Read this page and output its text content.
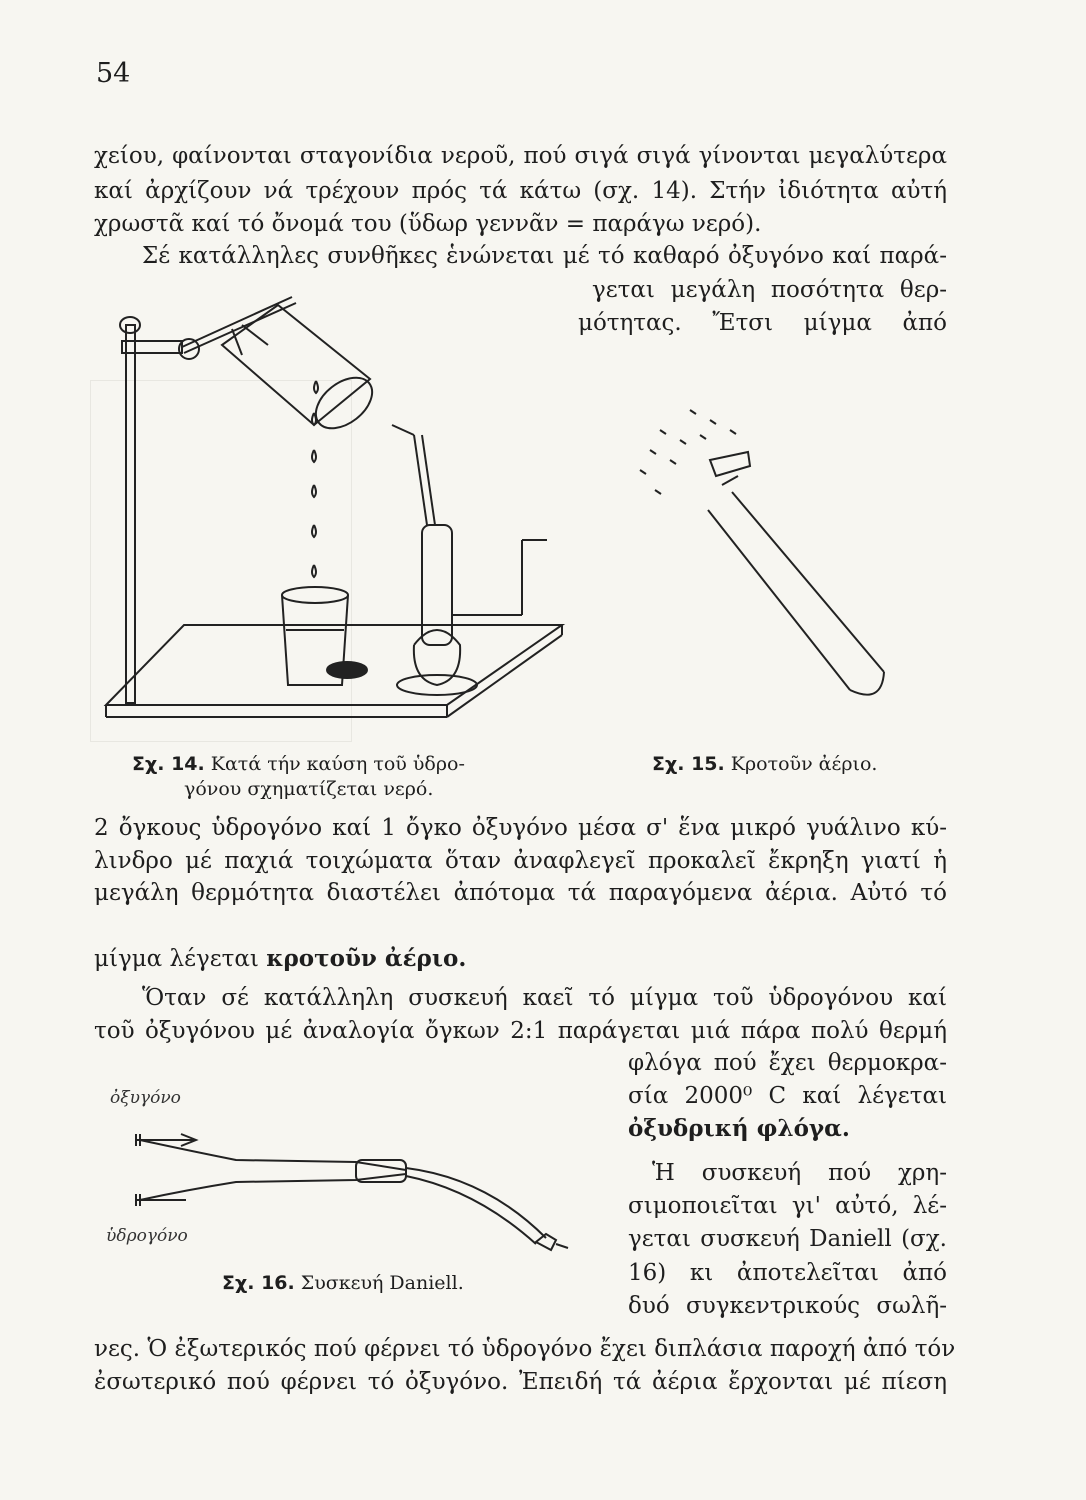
54
χείου, φαίνονται σταγονίδια νεροῦ, πού σιγά σιγά γίνονται μεγαλύτερα
καί ἀρχίζουν νά τρέχουν πρός τά κάτω (σχ. 14). Στήν ἰδιότητα αὐτή
χρωστᾶ καί τό ὄνομά του (ὕδωρ γεννᾶν = παράγω νερό).
Σέ κατάλληλες συνθῆκες ἑνώνεται μέ τό καθαρό ὀξυγόνο καί παρά-
γεται μεγάλη ποσότητα θερ-
μότητας. Ἔτσι μίγμα ἀπό
Σχ. 14. Κατά τήν καύση τοῦ ὑδρο-
γόνου σχηματίζεται νερό.
Σχ. 15. Κροτοῦν ἀέριο.
2 ὄγκους ὑδρογόνο καί 1 ὄγκο ὀξυγόνο μέσα σ' ἕνα μικρό γυάλινο κύ-
λινδρο μέ παχιά τοιχώματα ὅταν ἀναφλεγεῖ προκαλεῖ ἔκρηξη γιατί ἡ
μεγάλη θερμότητα διαστέλει ἀπότομα τά παραγόμενα ἀέρια. Αὐτό τό
μίγμα λέγεται κροτοῦν ἀέριο.
Ὅταν σέ κατάλληλη συσκευή καεῖ τό μίγμα τοῦ ὑδρογόνου καί
τοῦ ὀξυγόνου μέ ἀναλογία ὄγκων 2:1 παράγεται μιά πάρα πολύ θερμή
φλόγα πού ἔχει θερμοκρα-
σία 2000⁰ C καί λέγεται
ὀξυδρική φλόγα.
ὀξυγόνο
ὑδρογόνο
Σχ. 16. Συσκευή Daniell.
Ἡ συσκευή πού χρη-
σιμοποιεῖται γι' αὐτό, λέ-
γεται συσκευή Daniell (σχ.
16) κι ἀποτελεῖται ἀπό
δυό συγκεντρικούς σωλῆ-
νες. Ὁ ἐξωτερικός πού φέρνει τό ὑδρογόνο ἔχει διπλάσια παροχή ἀπό τόν
ἐσωτερικό πού φέρνει τό ὀξυγόνο. Ἐπειδή τά ἀέρια ἔρχονται μέ πίεση
